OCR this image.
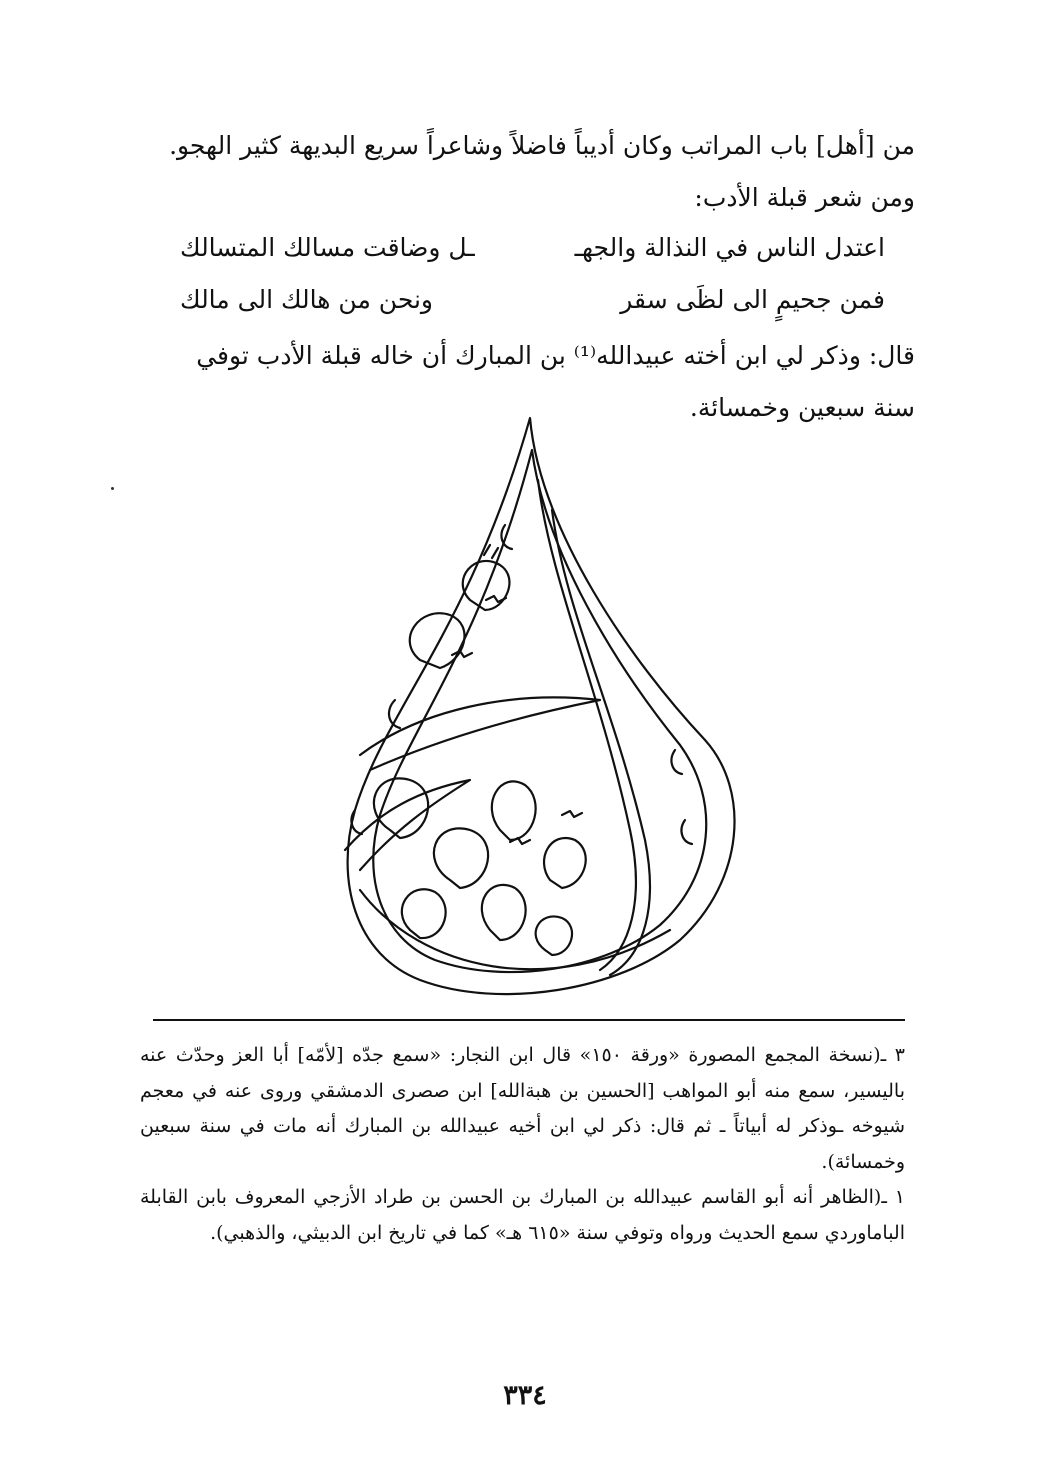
من [أهل] باب المراتب وكان أديباً فاضلاً وشاعراً سريع البديهة كثير الهجو.

ومن شعر قبلة الأدب:

اعتدل الناس في النذالة والجهـ
ـل وضاقت مسالك المتسالك
فمن جحيمٍ الى لظَى سقر
ونحن من هالك الى مالك

قال: وذكر لي ابن أخته عبيدالله⁽¹⁾ بن المبارك أن خاله قبلة الأدب توفي

سنة سبعين وخمسائة.

٣ ـ(نسخة المجمع المصورة «ورقة ١٥٠» قال ابن النجار: «سمع جدّه [لأمّه] أبا العز وحدّث عنه باليسير، سمع منه أبو المواهب [الحسين بن هبةالله] ابن صصرى الدمشقي وروى عنه في معجم شيوخه ـوذكر له أبياتاً ـ ثم قال: ذكر لي ابن أخيه عبيدالله بن المبارك أنه مات في سنة سبعين وخمسائة).

١ ـ(الظاهر أنه أبو القاسم عبيدالله بن المبارك بن الحسن بن طراد الأزجي المعروف بابن القابلة الباماوردي سمع الحديث ورواه وتوفي سنة «٦١٥ هـ» كما في تاريخ ابن الدبيثي، والذهبي).

٣٣٤
